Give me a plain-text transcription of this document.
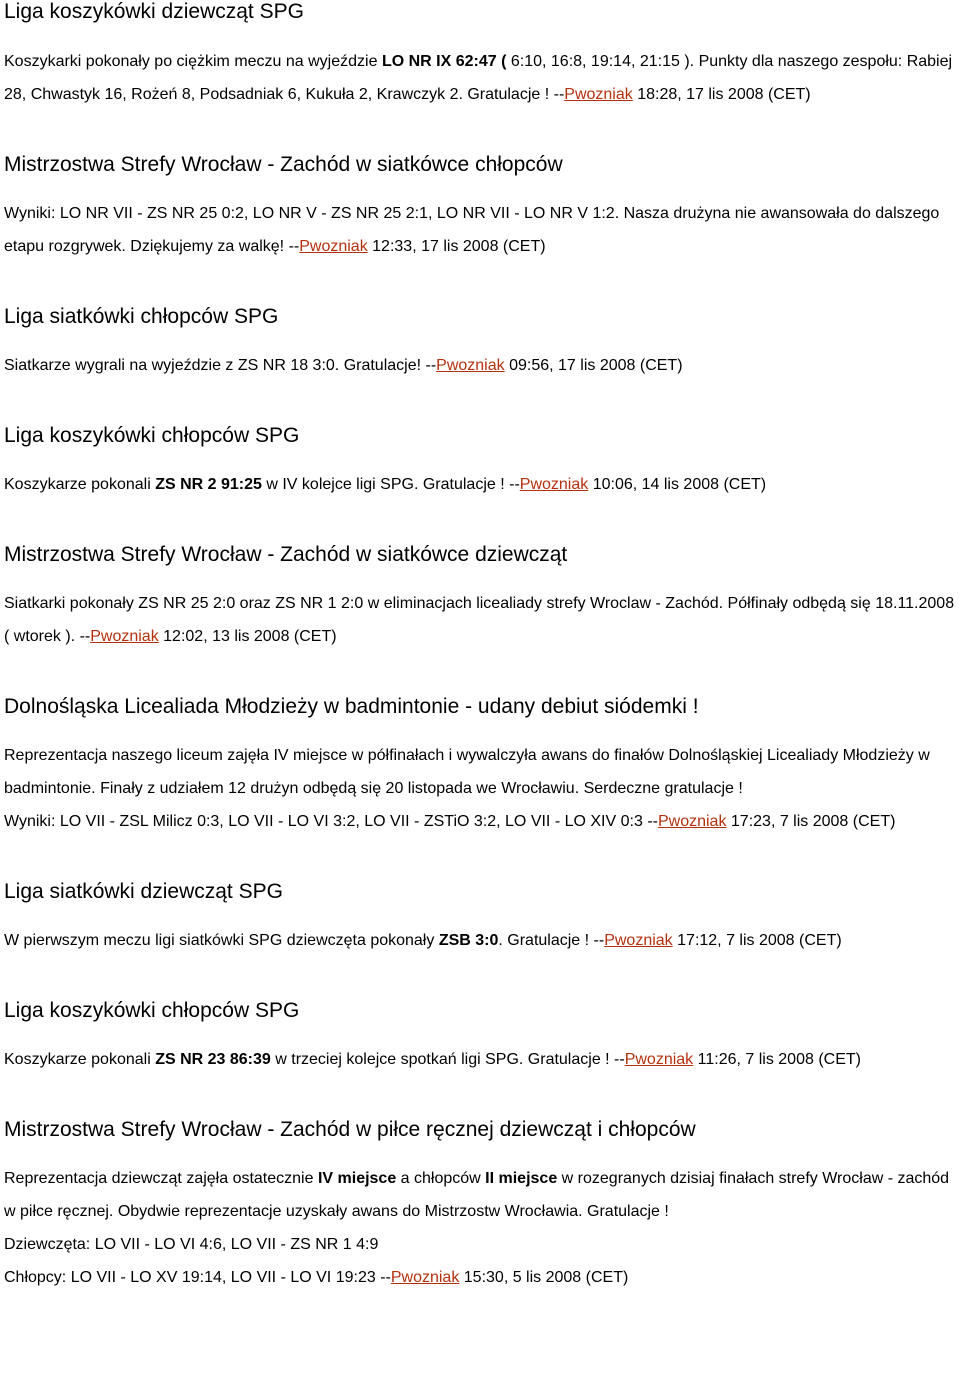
Liga koszykówki dziewcząt SPG

Koszykarki pokonały po ciężkim meczu na wyjeździe LO NR IX 62:47 ( 6:10, 16:8, 19:14, 21:15 ). Punkty dla naszego zespołu: Rabiej 28, Chwastyk 16, Rożeń 8, Podsadniak 6, Kukuła 2, Krawczyk 2. Gratulacje ! --Pwozniak 18:28, 17 lis 2008 (CET)

Mistrzostwa Strefy Wrocław - Zachód w siatkówce chłopców

Wyniki: LO NR VII - ZS NR 25 0:2, LO NR V - ZS NR 25 2:1, LO NR VII - LO NR V 1:2. Nasza drużyna nie awansowała do dalszego etapu rozgrywek. Dziękujemy za walkę! --Pwozniak 12:33, 17 lis 2008 (CET)

Liga siatkówki chłopców SPG

Siatkarze wygrali na wyjeździe z ZS NR 18 3:0. Gratulacje! --Pwozniak 09:56, 17 lis 2008 (CET)

Liga koszykówki chłopców SPG

Koszykarze pokonali ZS NR 2 91:25 w IV kolejce ligi SPG. Gratulacje ! --Pwozniak 10:06, 14 lis 2008 (CET)

Mistrzostwa Strefy Wrocław - Zachód w siatkówce dziewcząt

Siatkarki pokonały ZS NR 25 2:0 oraz ZS NR 1 2:0 w eliminacjach licealiady strefy Wroclaw - Zachód. Półfinały odbędą się 18.11.2008 ( wtorek ). --Pwozniak 12:02, 13 lis 2008 (CET)

Dolnośląska Licealiada Młodzieży w badmintonie - udany debiut siódemki !

Reprezentacja naszego liceum zajęła IV miejsce w półfinałach i wywalczyła awans do finałów Dolnośląskiej Licealiady Młodzieży w badmintonie. Finały z udziałem 12 drużyn odbędą się 20 listopada we Wrocławiu. Serdeczne gratulacje !

Wyniki: LO VII - ZSL Milicz 0:3, LO VII - LO VI 3:2, LO VII - ZSTiO 3:2, LO VII - LO XIV 0:3 --Pwozniak 17:23, 7 lis 2008 (CET)

Liga siatkówki dziewcząt SPG

W pierwszym meczu ligi siatkówki SPG dziewczęta pokonały ZSB 3:0. Gratulacje ! --Pwozniak 17:12, 7 lis 2008 (CET)

Liga koszykówki chłopców SPG

Koszykarze pokonali ZS NR 23 86:39 w trzeciej kolejce spotkań ligi SPG. Gratulacje ! --Pwozniak 11:26, 7 lis 2008 (CET)

Mistrzostwa Strefy Wrocław - Zachód w piłce ręcznej dziewcząt i chłopców

Reprezentacja dziewcząt zajęła ostatecznie IV miejsce a chłopców II miejsce w rozegranych dzisiaj finałach strefy Wrocław - zachód w piłce ręcznej. Obydwie reprezentacje uzyskały awans do Mistrzostw Wrocławia. Gratulacje !

Dziewczęta: LO VII - LO VI 4:6, LO VII - ZS NR 1 4:9

Chłopcy: LO VII - LO XV 19:14, LO VII - LO VI 19:23 --Pwozniak 15:30, 5 lis 2008 (CET)
